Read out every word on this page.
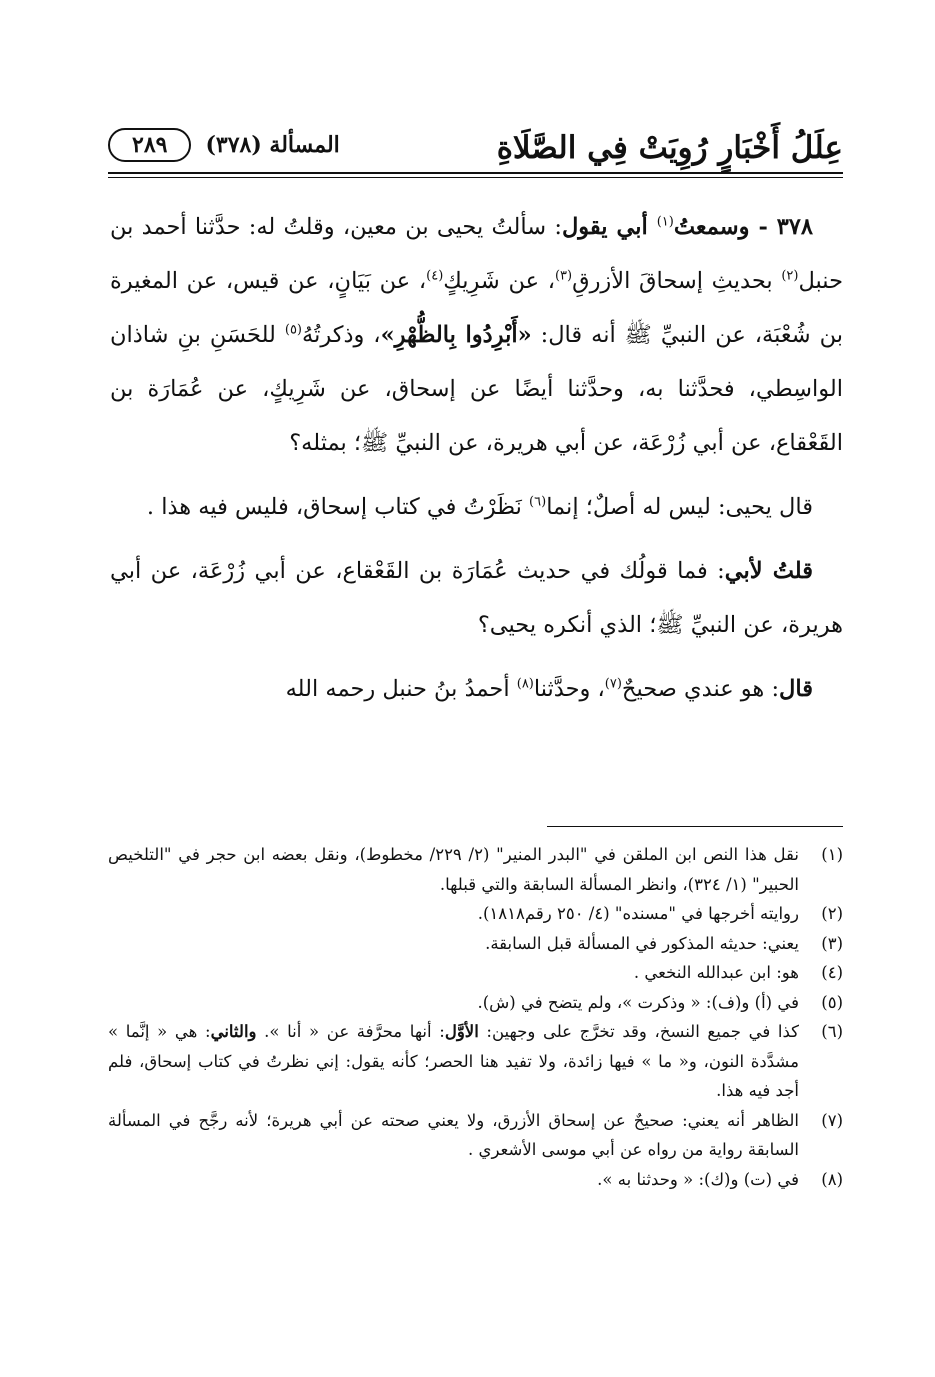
عِلَلُ أَخْبَارٍ رُوِيَتْ فِي الصَّلَاةِ
المسألة (٣٧٨)
٢٨٩

٣٧٨ - وسمعتُ$^{(١)}$ أبي يقول: سألتُ يحيى بن معين، وقلتُ له: حدَّثنا أحمد بن حنبل$^{(٢)}$ بحديثِ إسحاقَ الأزرقِ$^{(٣)}$، عن شَرِيكٍ$^{(٤)}$، عن بَيَانٍ، عن قيس، عن المغيرة بن شُعْبَة، عن النبيِّ ﷺ أنه قال: «أَبْرِدُوا بِالظُّهْرِ»، وذكرتُهُ$^{(٥)}$ للحَسَنِ بنِ شاذان الواسِطي، فحدَّثنا به، وحدَّثنا أيضًا عن إسحاق، عن شَرِيكٍ، عن عُمَارَة بن القَعْقاع، عن أبي زُرْعَة، عن أبي هريرة، عن النبيِّ ﷺ؛ بمثله؟

قال يحيى: ليس له أصلٌ؛ إنما$^{(٦)}$ نَظَرْتُ في كتاب إسحاق، فليس فيه هذا .

قلتُ لأبي: فما قولُك في حديث عُمَارَة بن القَعْقاع، عن أبي زُرْعَة، عن أبي هريرة، عن النبيِّ ﷺ؛ الذي أنكره يحيى؟

قال: هو عندي صحيحٌ$^{(٧)}$، وحدَّثنا$^{(٨)}$ أحمدُ بنُ حنبل رحمه الله

(١)
نقل هذا النص ابن الملقن في "البدر المنير" (٢/ ٢٢٩/ مخطوط)، ونقل بعضه ابن حجر في "التلخيص الحبير" (١/ ٣٢٤)، وانظر المسألة السابقة والتي قبلها.
(٢)
روايته أخرجها في "مسنده" (٤/ ٢٥٠ رقم١٨١٨).
(٣)
يعني: حديثه المذكور في المسألة قبل السابقة.
(٤)
هو: ابن عبدالله النخعي .
(٥)
في (أ) و(ف): « وذكرت »، ولم يتضح في (ش).
(٦)
كذا في جميع النسخ، وقد تخرَّج على وجهين: الأوَّل: أنها محرَّفة عن « أنا ». والثاني: هي « إنَّما » مشدَّدة النون، و« ما » فيها زائدة، ولا تفيد هنا الحصر؛ كأنه يقول: إني نظرتُ في كتاب إسحاق، فلم أجد فيه هذا.
(٧)
الظاهر أنه يعني: صحيحٌ عن إسحاق الأزرق، ولا يعني صحته عن أبي هريرة؛ لأنه رجَّح في المسألة السابقة رواية من رواه عن أبي موسى الأشعري .
(٨)
في (ت) و(ك): « وحدثنا به ».
